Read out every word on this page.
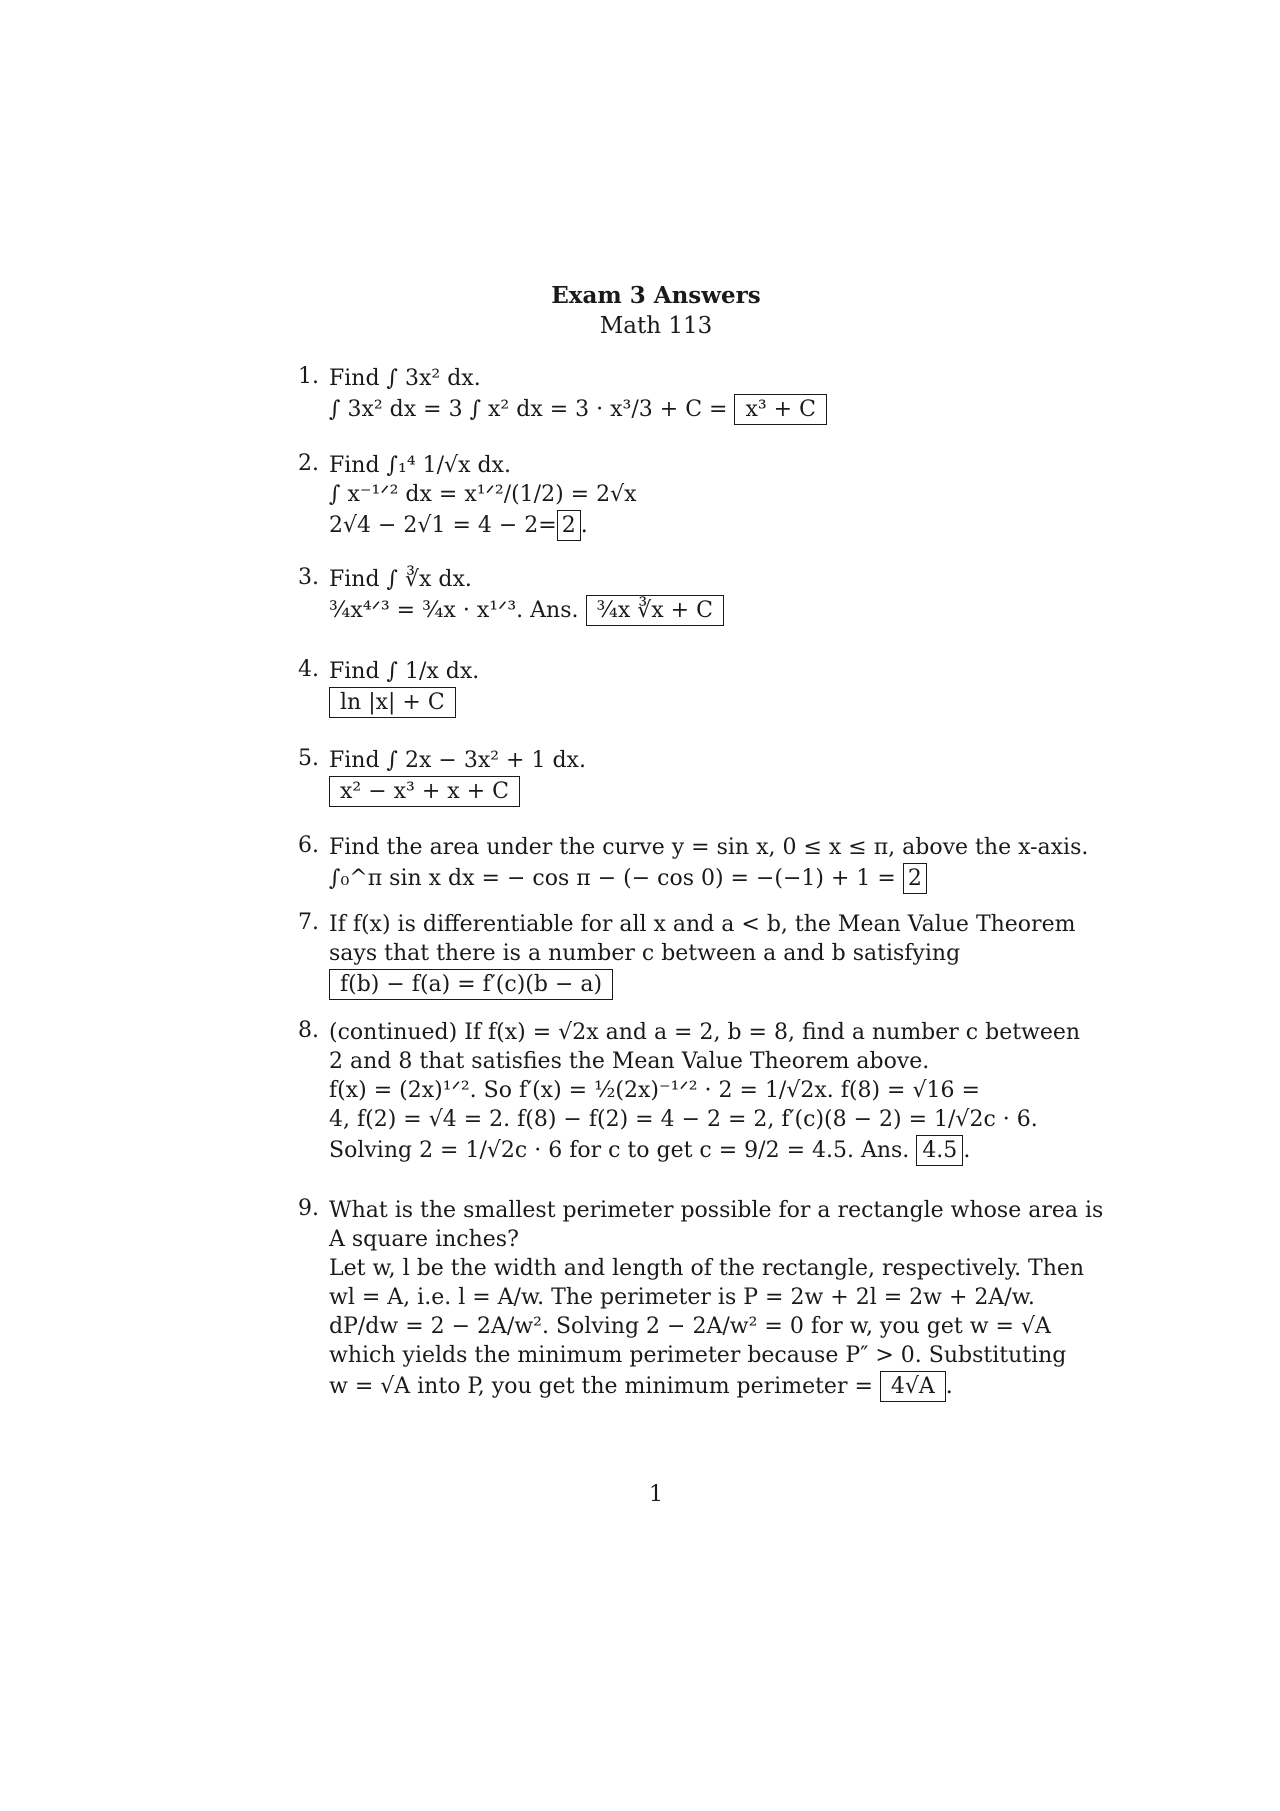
Exam 3 Answers
Math 113
1. Find ∫ 3x² dx.
∫ 3x² dx = 3 ∫ x² dx = 3 · x³/3 + C = x³ + C
2. Find ∫₁⁴ 1/√x dx.
∫ x⁻¹ᐟ² dx = x¹ᐟ²/(1/2) = 2√x
2√4 − 2√1 = 4 − 2= 2 .
3. Find ∫ ∛x dx.
¾x⁴ᐟ³ = ¾x · x¹ᐟ³. Ans. ¾x ∛x + C
4. Find ∫ 1/x dx.
ln |x| + C
5. Find ∫ 2x − 3x² + 1 dx.
x² − x³ + x + C
6. Find the area under the curve y = sin x, 0 ≤ x ≤ π, above the x-axis.
∫₀^π sin x dx = − cos π − (− cos 0) = −(−1) + 1 = 2
7. If f(x) is differentiable for all x and a < b, the Mean Value Theorem
says that there is a number c between a and b satisfying
f(b) − f(a) = f′(c)(b − a)
8. (continued) If f(x) = √2x and a = 2, b = 8, find a number c between
2 and 8 that satisfies the Mean Value Theorem above.
f(x) = (2x)¹ᐟ². So f′(x) = ½(2x)⁻¹ᐟ² · 2 = 1/√2x. f(8) = √16 =
4, f(2) = √4 = 2. f(8) − f(2) = 4 − 2 = 2, f′(c)(8 − 2) = 1/√2c · 6.
Solving 2 = 1/√2c · 6 for c to get c = 9/2 = 4.5. Ans. 4.5 .
9. What is the smallest perimeter possible for a rectangle whose area is
A square inches?
Let w, l be the width and length of the rectangle, respectively. Then
wl = A, i.e. l = A/w. The perimeter is P = 2w + 2l = 2w + 2A/w.
dP/dw = 2 − 2A/w². Solving 2 − 2A/w² = 0 for w, you get w = √A
which yields the minimum perimeter because P″ > 0. Substituting
w = √A into P, you get the minimum perimeter = 4√A .
1
